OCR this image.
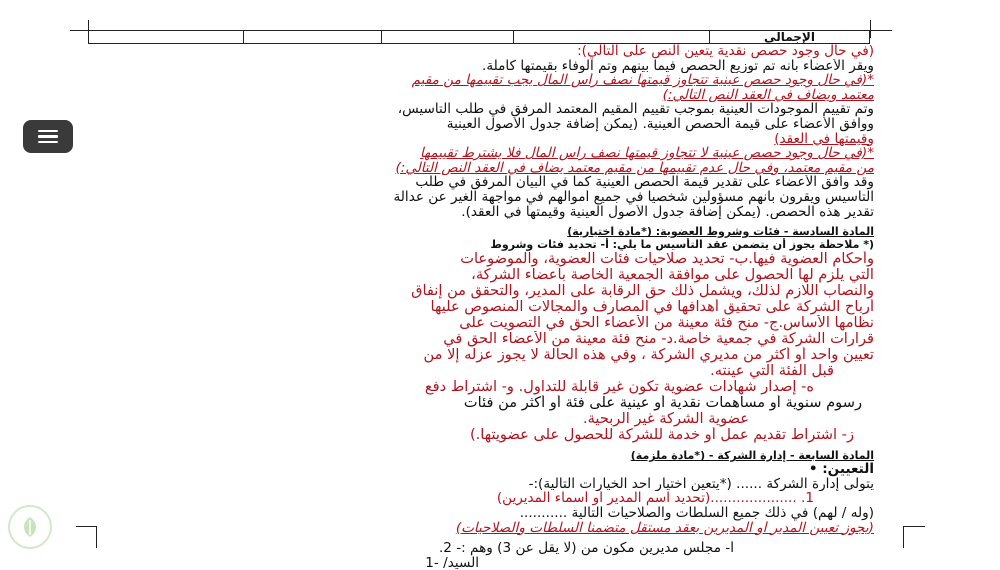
الإجمالي
(في حال وجود حصص نقدية يتعين النص على التالي):
ويقر الأعضاء بأنه تم توزيع الحصص فيما بينهم وتم الوفاء بقيمتها كاملة.
*(في حال وجود حصص عينية تتجاوز قيمتها نصف رأس المال يجب تقييمها من مقيم
معتمد ويضاف في العقد النص التالي:)
وتم تقييم الموجودات العينية بموجب تقييم المقيم المعتمد المرفق في طلب التأسيس،
ووافق الأعضاء على قيمة الحصص العينية. (يمكن إضافة جدول الأصول العينية
وقيمتها في العقد)
*(في حال وجود حصص عينية لا تتجاوز قيمتها نصف رأس المال فلا يشترط تقييمها
من مقيم معتمد، وفي حال عدم تقييمها من مقيم معتمد يضاف في العقد النص التالي:)
وقد وافق الأعضاء على تقدير قيمة الحصص العينية كما في البيان المرفق في طلب
التأسيس ويقرون بأنهم مسؤولين شخصيا في جميع أموالهم في مواجهة الغير عن عدالة
تقدير هذه الحصص. (يمكن إضافة جدول الأصول العينية وقيمتها في العقد).
المادة السادسة - فئات وشروط العضوية: (*مادة اختيارية)
(* ملاحظة يجوز أن يتضمن عقد التأسيس ما يلي: أ- تحديد فئات وشروط
وأحكام العضوية فيها.ب- تحديد صلاحيات فئات العضوية، والموضوعات
التي يلزم لها الحصول على موافقة الجمعية الخاصة بأعضاء الشركة،
والنصاب اللازم لذلك، ويشمل ذلك حق الرقابة على المدير، والتحقق من إنفاق
أرباح الشركة على تحقيق أهدافها في المصارف والمجالات المنصوص عليها
نظامها الأساس.ج- منح فئة معينة من الأعضاء الحق في التصويت على
قرارات الشركة في جمعية خاصة.د- منح فئة معينة من الأعضاء الحق في
تعيين واحد أو أكثر من مديري الشركة ، وفي هذه الحالة لا يجوز عزله إلا من
قبل الفئة التي عينته.
ه- إصدار شهادات عضوية تكون غير قابلة للتداول. و- اشتراط دفع
رسوم سنوية أو مساهمات نقدية أو عينية على فئة أو أكثر من فئات
عضوية الشركة غير الربحية.
ز- اشتراط تقديم عمل أو خدمة للشركة للحصول على عضويتها.)
المادة السابعة - إدارة الشركة - (*مادة ملزمة)
التعيين: •
يتولى إدارة الشركة ...... (*يتعين اختيار احد الخيارات التالية):-
1. ....................(تحديد اسم المدير أو أسماء المديرين)
(وله / لهم) في ذلك جميع السلطات والصلاحيات التالية ...........
(يجوز تعيين المدير أو المديرين بعقد مستقل متضمنا السلطات والصلاحيات)
أ- مجلس مديرين مكون من (لا يقل عن 3) وهم :- 2.
السيد/ -1
